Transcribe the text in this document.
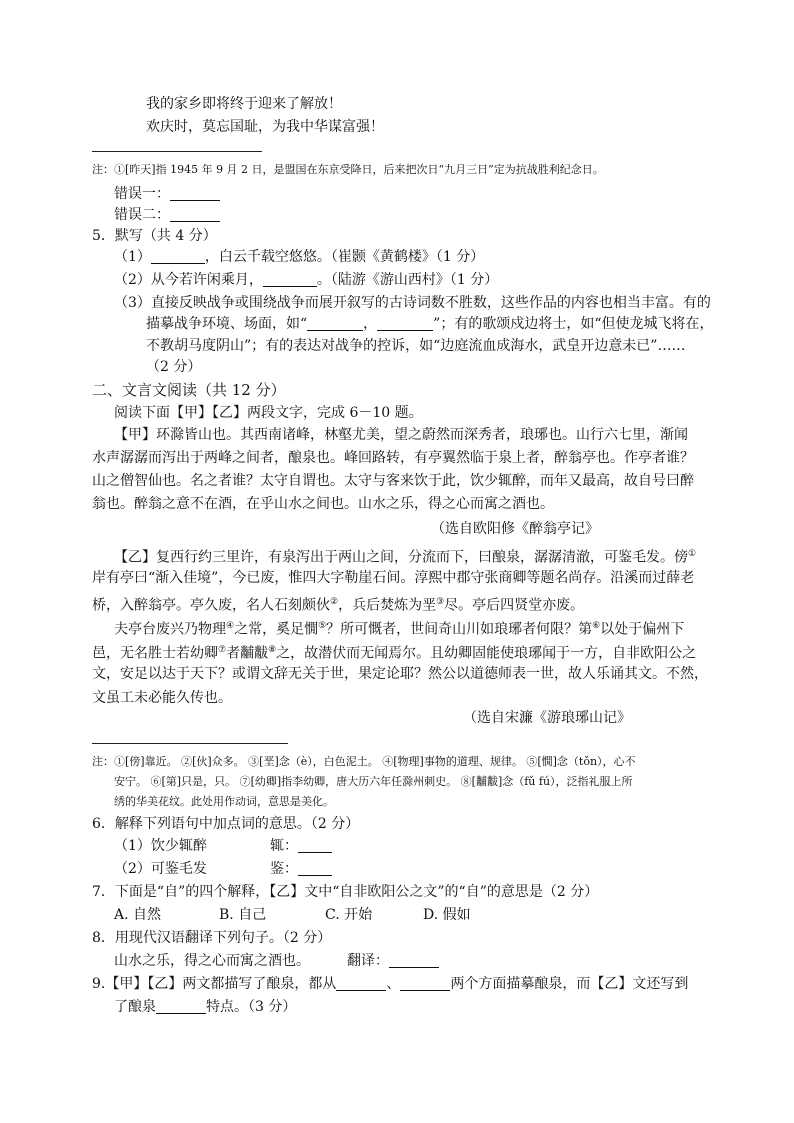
我的家乡即将终于迎来了解放！
欢庆时，莫忘国耻，为我中华谋富强！
注：①[昨天]指 1945 年 9 月 2 日，是盟国在东京受降日，后来把次日“九月三日”定为抗战胜利纪念日。
错误一：
错误二：
5．默写（共 4 分）
（1）	，白云千载空悠悠。（崔颢《黄鹤楼》（1 分）
（2）从今若许闲乘月，	。（陆游《游山西村》（1 分）
（3）直接反映战争或围绕战争而展开叙写的古诗词数不胜数，这些作品的内容也相当丰富。有的
描摹战争环境、场面，如“	，	”；有的歌颂戍边将士，如“但使龙城飞将在，
不教胡马度阴山”；有的表达对战争的控诉，如“边庭流血成海水，武皇开边意未已”……
（2 分）
二、文言文阅读（共 12 分）
阅读下面【甲】【乙】两段文字，完成 6－10 题。
【甲】环滁皆山也。其西南诸峰，林壑尤美，望之蔚然而深秀者，琅琊也。山行六七里，渐闻
水声潺潺而泻出于两峰之间者，酿泉也。峰回路转，有亭翼然临于泉上者，醉翁亭也。作亭者谁？
山之僧智仙也。名之者谁？太守自谓也。太守与客来饮于此，饮少辄醉，而年又最高，故自号曰醉
翁也。醉翁之意不在酒，在乎山水之间也。山水之乐，得之心而寓之酒也。
（选自欧阳修《醉翁亭记》
【乙】复西行约三里许，有泉泻出于两山之间，分流而下，曰酿泉，潺潺清澈，可鉴毛发。傍①
岸有亭曰“渐入佳境”，今已废，惟四大字勒崖石间。淳熙中郡守张商卿等题名尚存。沿溪而过薛老
桥，入醉翁亭。亭久废，名人石刻颇伙②，兵后焚炼为垩③尽。亭后四贤堂亦废。
夫亭台废兴乃物理④之常，奚足憪⑤？所可慨者，世间奇山川如琅琊者何限？第⑥以处于偏州下
邑，无名胜士若幼卿⑦者黼黻⑧之，故潜伏而无闻焉尔。且幼卿固能使琅琊闻于一方，自非欧阳公之
文，安足以达于天下？或谓文辞无关于世，果定论耶？然公以道德师表一世，故人乐诵其文。不然，
文虽工未必能久传也。
（选自宋濂《游琅琊山记》
注：①[傍]靠近。 ②[伙]众多。 ③[垩]念（è），白色泥土。 ④[物理]事物的道理、规律。 ⑤[憪]念（tǒn），心不
安宁。 ⑥[第]只是，只。 ⑦[幼卿]指李幼卿，唐大历六年任滁州刺史。 ⑧[黼黻]念（fǔ fú），泛指礼服上所
绣的华美花纹。此处用作动词，意思是美化。
6．解释下列语句中加点词的意思。（2 分）
（1）饮少辄醉	辄：
（2）可鉴毛发	鉴：
7．下面是“自”的四个解释，【乙】文中“自非欧阳公之文”的“自”的意思是（2 分）
A. 自然	B. 自己	C. 开始	D. 假如
8．用现代汉语翻译下列句子。（2 分）
山水之乐，得之心而寓之酒也。	翻译：
9.【甲】【乙】两文都描写了酿泉，都从	、	两个方面描摹酿泉，而【乙】文还写到
了酿泉	特点。（3 分）
